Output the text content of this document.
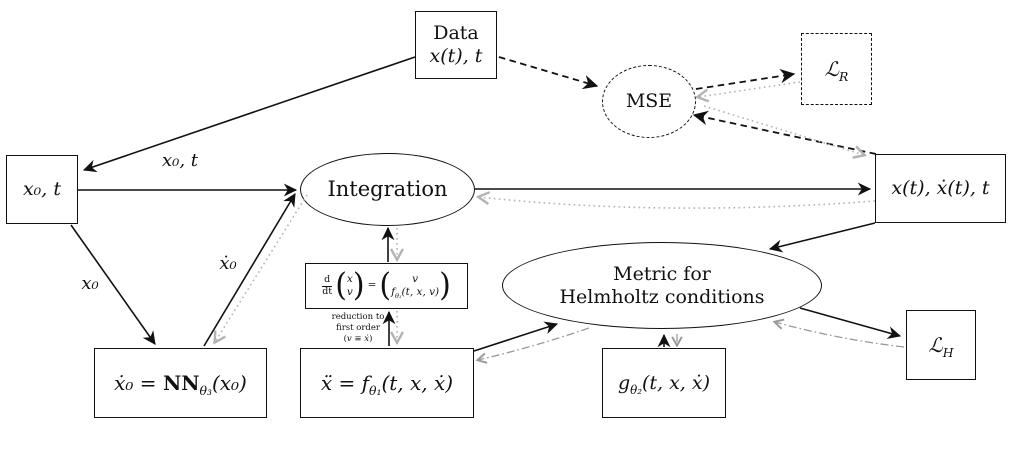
Data
x(t), t
x₀, t	Integration
MSE
ℒ$_R$
x(t), ẋ(t), t
Metric for
Helmholtz conditions
ℒ$_H$
ẋ₀ = $NN_{\theta_3}(x_0)$	ẍ = $f_{\theta_1}(t$, x, ẋ)	$g_{\theta_2}(t$, x, ẋ)
$\frac{d}{dt}$ ( x
v ) = ( v
$f_{\theta_1}(t$, x, v) )
reduction to
first order
(v ≡ ẋ)
x₀, t
x₀
ẋ₀
